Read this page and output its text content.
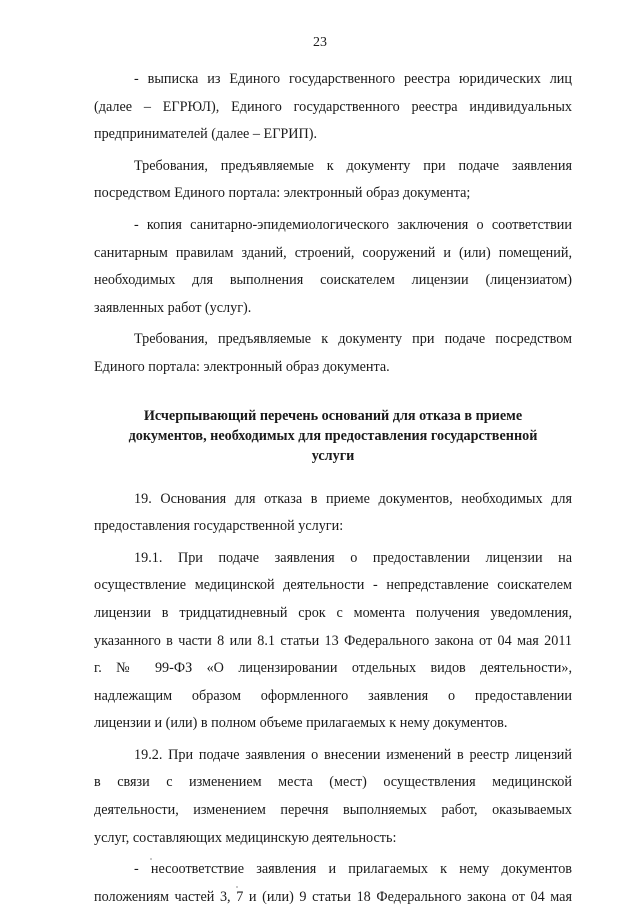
23
- выписка из Единого государственного реестра юридических лиц
(далее – ЕГРЮЛ), Единого государственного реестра индивидуальных
предпринимателей (далее – ЕГРИП).
Требования, предъявляемые к документу при подаче заявления
посредством Единого портала: электронный образ документа;
- копия санитарно-эпидемиологического заключения о соответствии
санитарным правилам зданий, строений, сооружений и (или) помещений,
необходимых для выполнения соискателем лицензии (лицензиатом)
заявленных работ (услуг).
Требования, предъявляемые к документу при подаче посредством
Единого портала: электронный образ документа.
Исчерпывающий перечень оснований для отказа в приеме
документов, необходимых для предоставления государственной
услуги
19. Основания для отказа в приеме документов, необходимых для
предоставления государственной услуги:
19.1. При подаче заявления о предоставлении лицензии на
осуществление медицинской деятельности - непредставление соискателем
лицензии в тридцатидневный срок с момента получения уведомления,
указанного в части 8 или 8.1 статьи 13 Федерального закона от 04 мая 2011
г. № 99-ФЗ «О лицензировании отдельных видов деятельности»,
надлежащим образом оформленного заявления о предоставлении
лицензии и (или) в полном объеме прилагаемых к нему документов.
19.2. При подаче заявления о внесении изменений в реестр лицензий
в связи с изменением места (мест) осуществления медицинской
деятельности, изменением перечня выполняемых работ, оказываемых
услуг, составляющих медицинскую деятельность:
- несоответствие заявления и прилагаемых к нему документов
положениям частей 3, 7 и (или) 9 статьи 18 Федерального закона от 04 мая
